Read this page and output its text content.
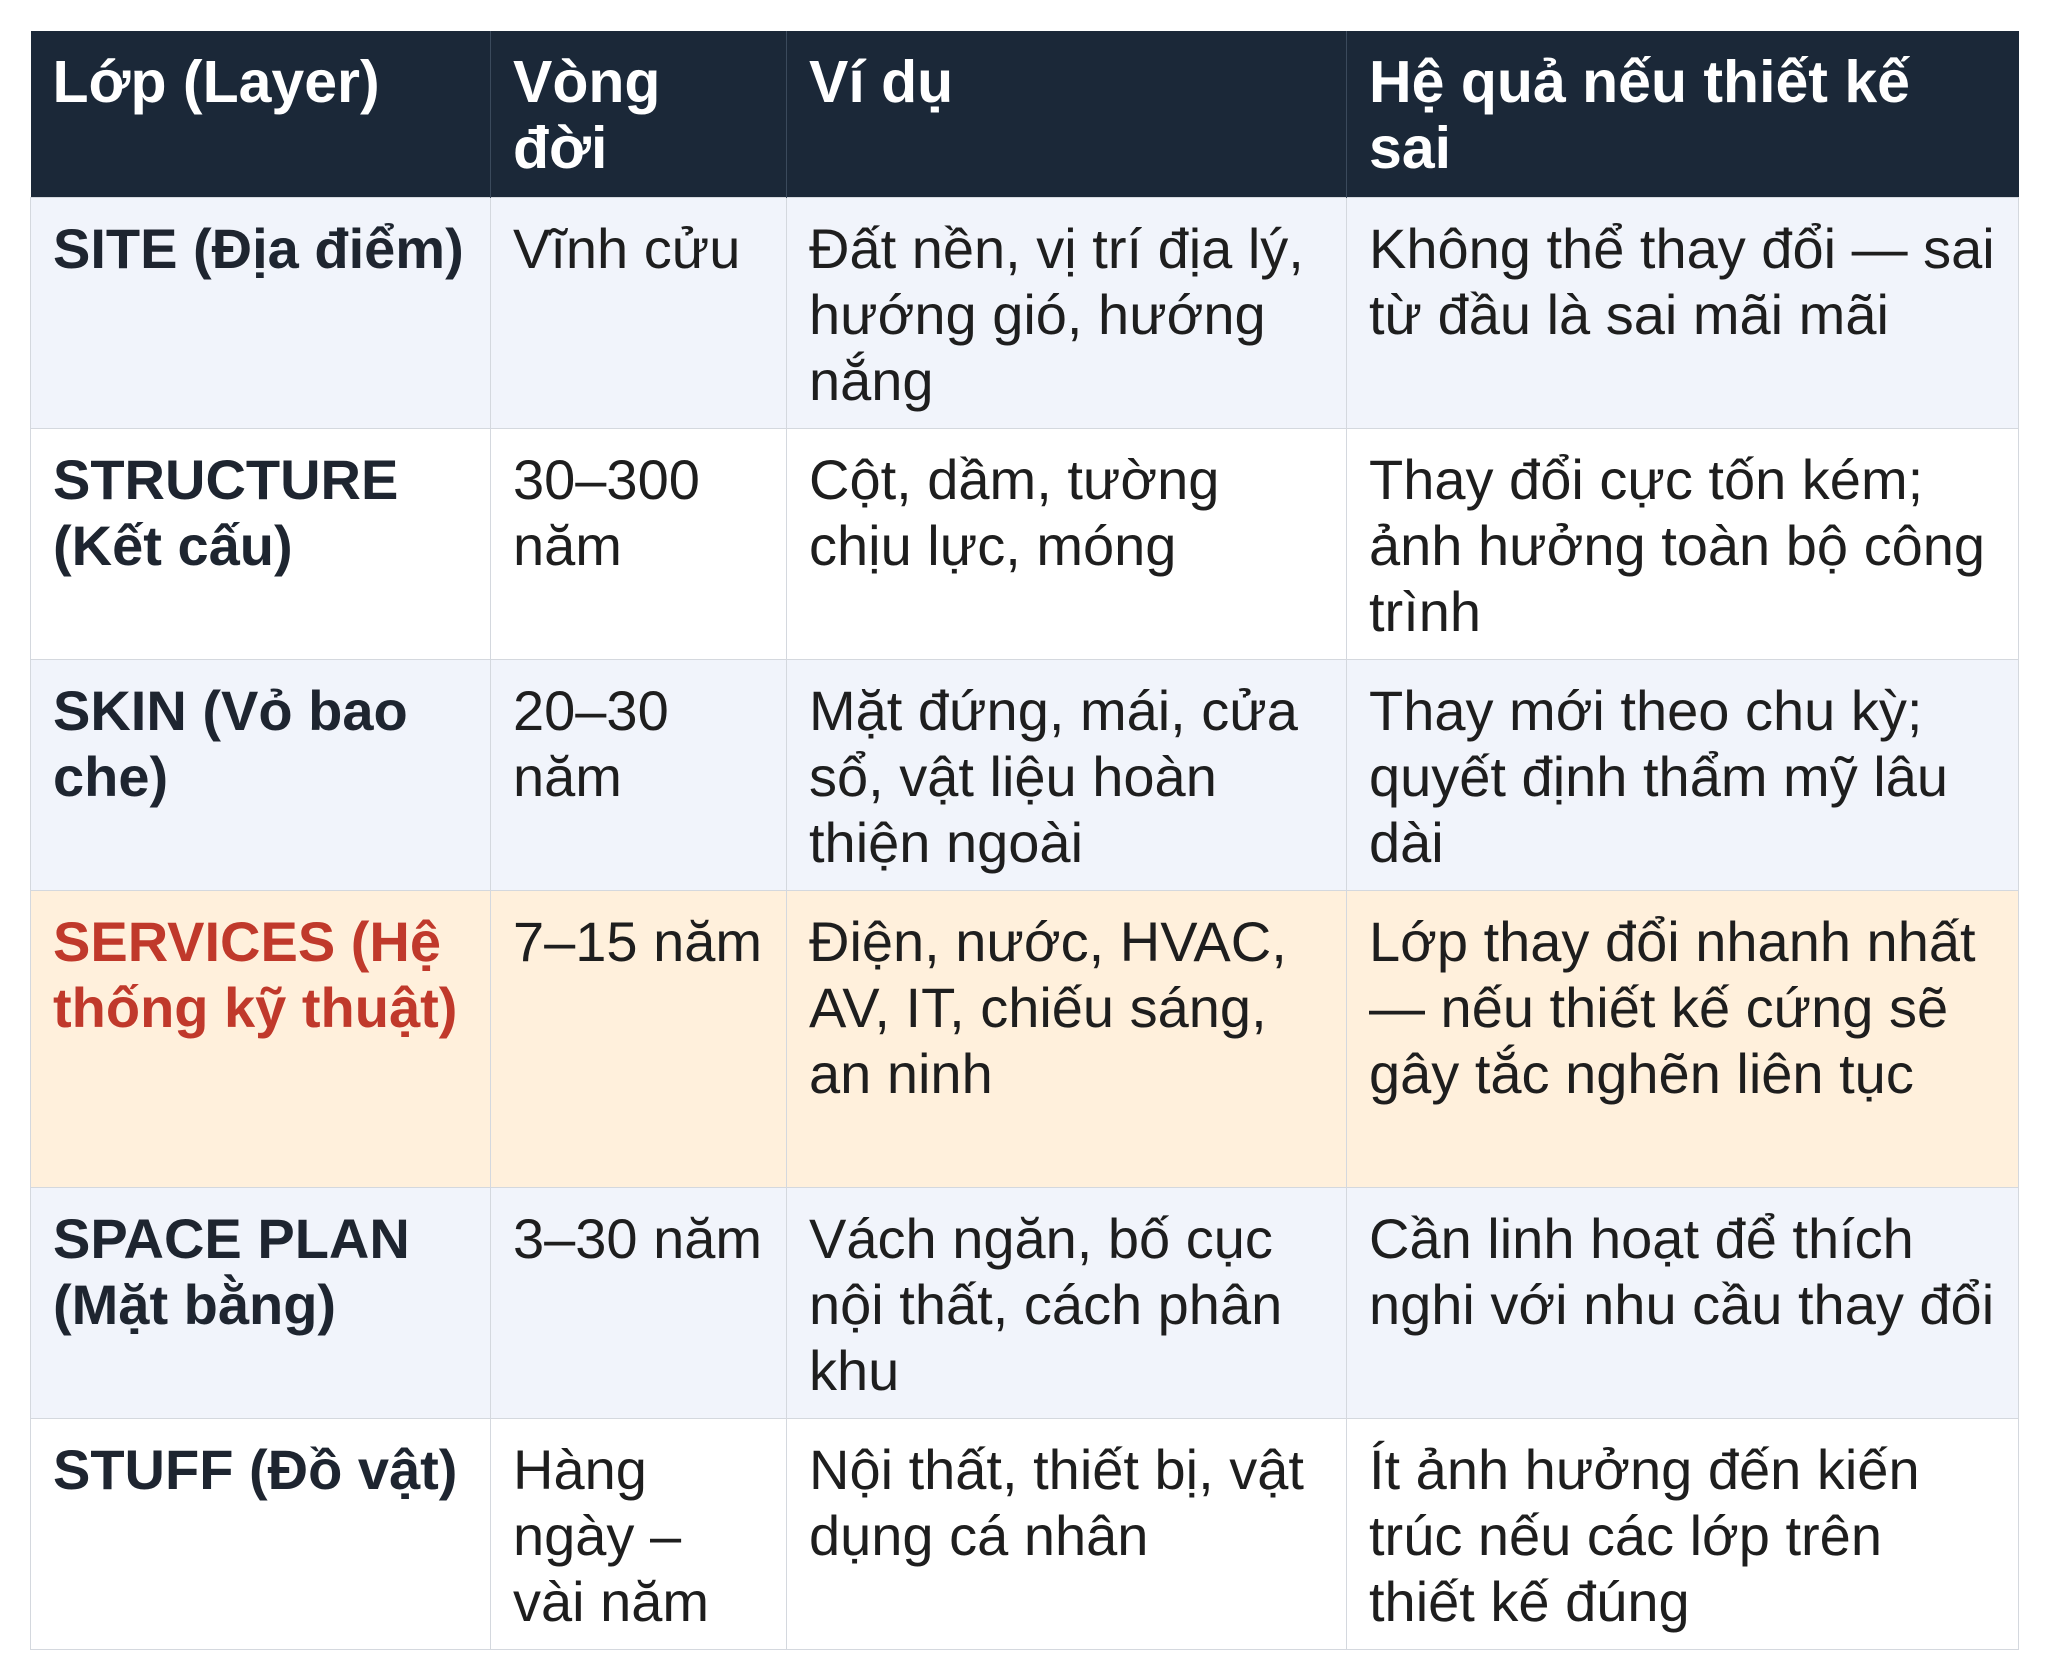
Lớp (Layer)	Vòng đời	Ví dụ	Hệ quả nếu thiết kế sai
SITE (Địa điểm)	Vĩnh cửu	Đất nền, vị trí địa lý, hướng gió, hướng nắng	Không thể thay đổi — sai từ đầu là sai mãi mãi
STRUCTURE (Kết cấu)	30–300 năm	Cột, dầm, tường chịu lực, móng	Thay đổi cực tốn kém; ảnh hưởng toàn bộ công trình
SKIN (Vỏ bao che)	20–30 năm	Mặt đứng, mái, cửa sổ, vật liệu hoàn thiện ngoài	Thay mới theo chu kỳ; quyết định thẩm mỹ lâu dài
SERVICES (Hệ thống kỹ thuật)	7–15 năm	Điện, nước, HVAC, AV, IT, chiếu sáng, an ninh	Lớp thay đổi nhanh nhất — nếu thiết kế cứng sẽ gây tắc nghẽn liên tục
SPACE PLAN (Mặt bằng)	3–30 năm	Vách ngăn, bố cục nội thất, cách phân khu	Cần linh hoạt để thích nghi với nhu cầu thay đổi
STUFF (Đồ vật)	Hàng ngày – vài năm	Nội thất, thiết bị, vật dụng cá nhân	Ít ảnh hưởng đến kiến trúc nếu các lớp trên thiết kế đúng
